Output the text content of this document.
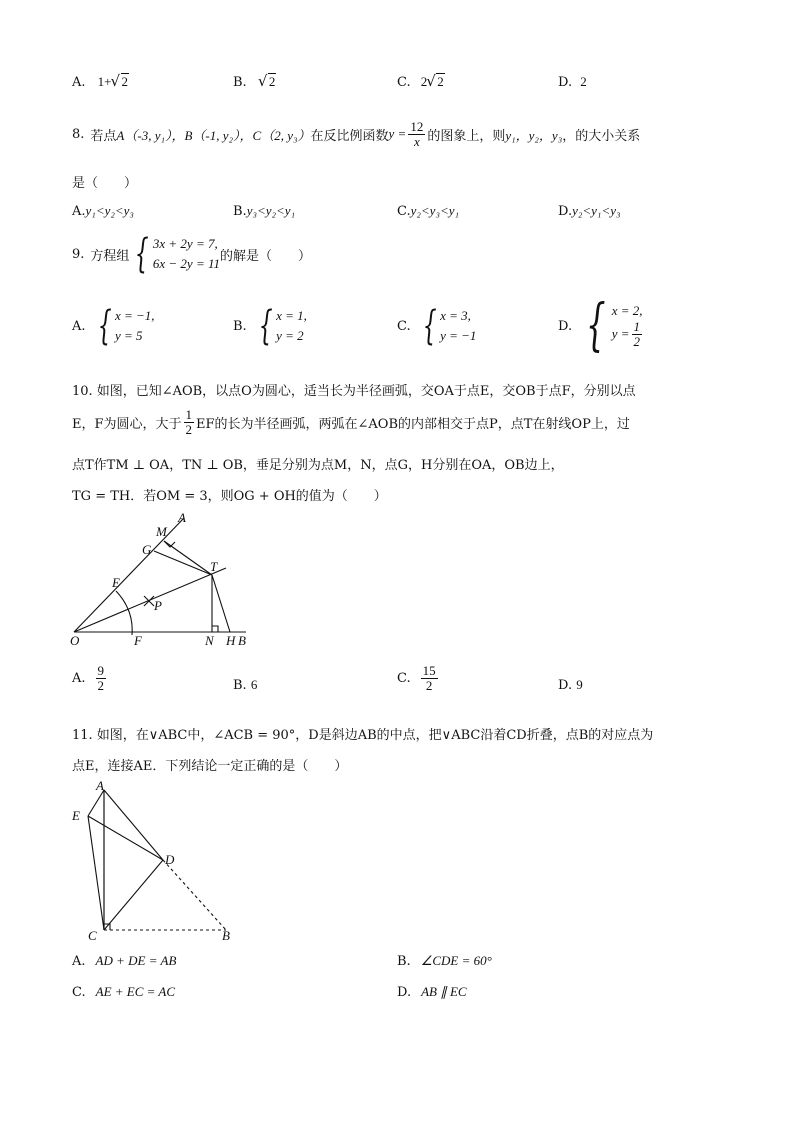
A. 1+ √ 2	B. √ 2	C. 2 √ 2	D. 2
8. 若点 A（-3, y₁），B（-1, y₂），C（2, y₃） 在反比例函数 $y = \frac{12}{x}$ 的图象上，则 y₁，y₂，y₃ ，的大小关系
是（　　）
A.y₁<y₂<y₃	B.y₃<y₂<y₁	C.y₂<y₃<y₁	D.y₂<y₁<y₃
9. 方程组 { 3x + 2y = 7,
6x − 2y = 11 的解是（　　）
A. { x = −1,
y = 5
B. { x = 1,
y = 2
C. { x = 3,
y = −1
D. { x = 2,
$y = \frac{1}{2}$
10. 如图，已知∠AOB，以点O为圆心，适当长为半径画弧，交OA于点E，交OB于点F，分别以点
E，F为圆心，大于 $\frac{1}{2}$ EF的长为半径画弧，两弧在∠AOB的内部相交于点P，点T在射线OP上，过
点T作TM ⊥ OA，TN ⊥ OB，垂足分别为点M，N，点G，H分别在OA，OB边上，
TG = TH．若OM = 3，则OG + OH的值为（　　）
A
M
G
T
E
P
O	F	N H B
A. $\frac{9}{2}$	B. 6	C. $\frac{15}{2}$	D. 9
11. 如图，在∨ABC中，∠ACB = 90°，D是斜边AB的中点，把∨ABC沿着CD折叠，点B的对应点为
点E，连接AE．下列结论一定正确的是（　　）
A
E
D
C	B
A. AD + DE = AB	B. ∠CDE = 60°
C. AE + EC = AC	D. AB ∥ EC
